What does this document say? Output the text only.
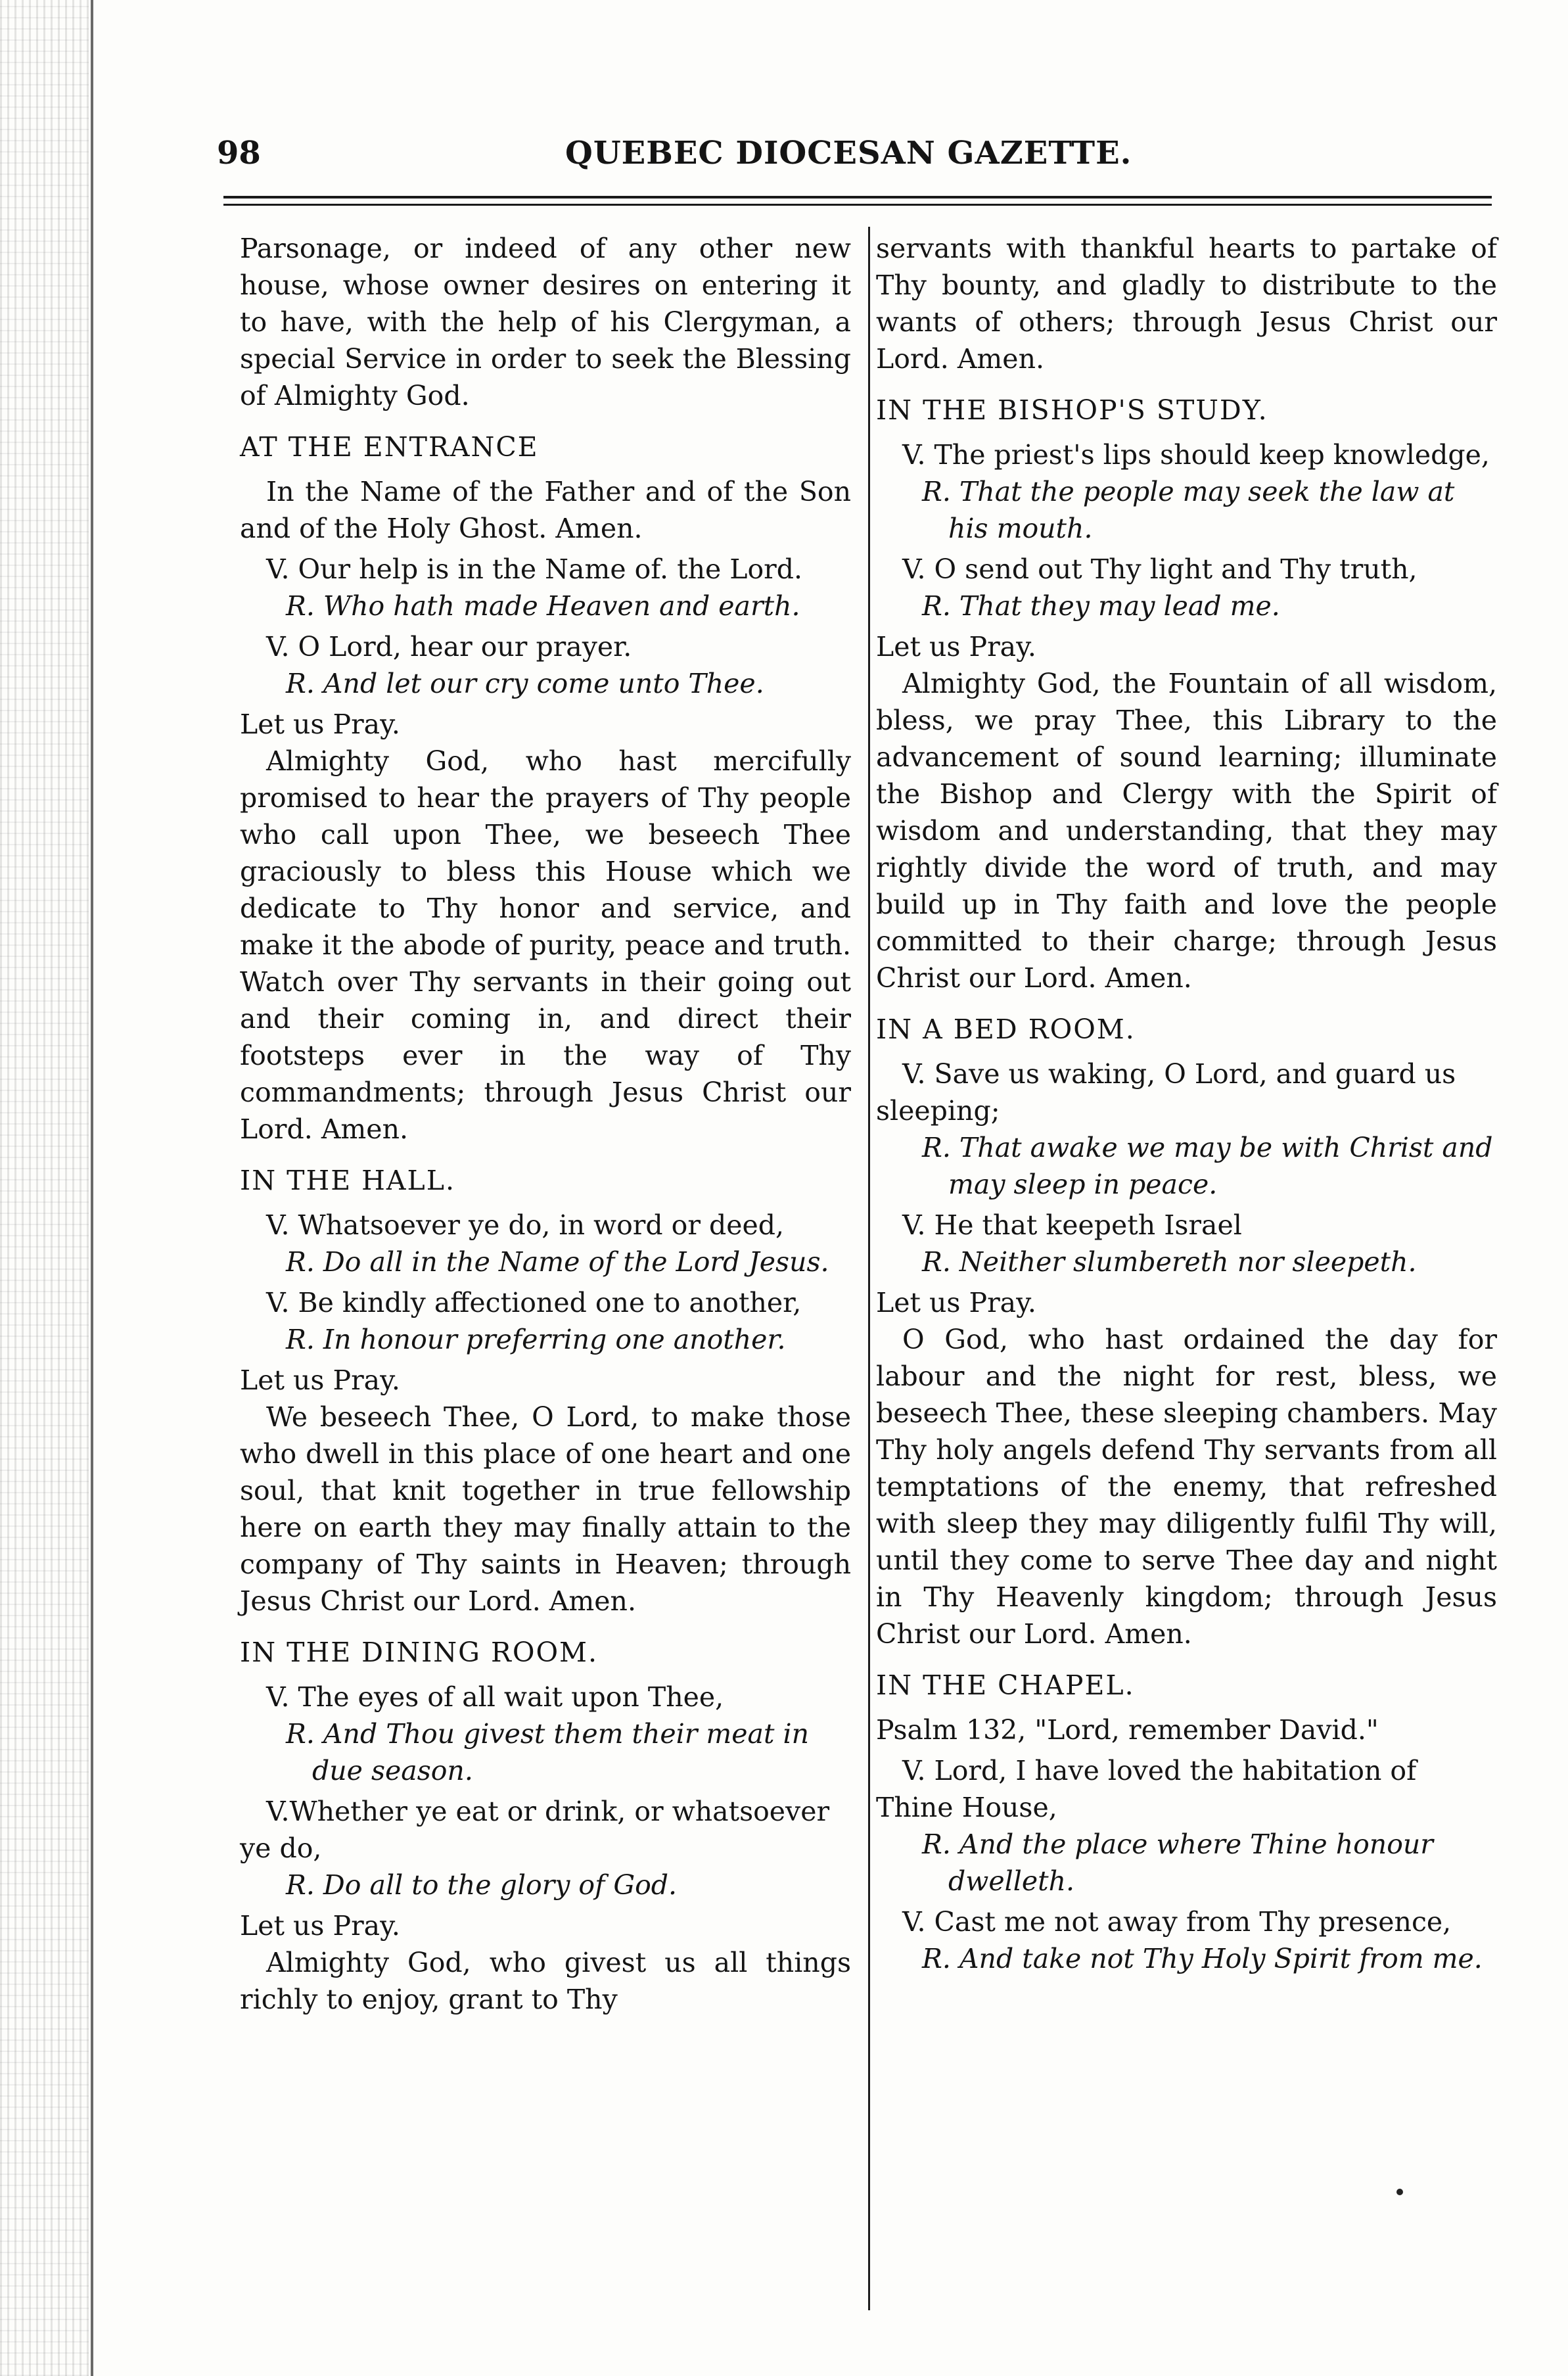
98	QUEBEC DIOCESAN GAZETTE.

Parsonage, or indeed of any other new house, whose owner desires on entering it to have, with the help of his Clergyman, a special Service in order to seek the Blessing of Almighty God.

AT THE ENTRANCE

In the Name of the Father and of the Son and of the Holy Ghost. Amen.

V. Our help is in the Name of. the Lord.

R. Who hath made Heaven and earth.

V. O Lord, hear our prayer.

R. And let our cry come unto Thee.

Let us Pray.

Almighty God, who hast mercifully promised to hear the prayers of Thy people who call upon Thee, we beseech Thee graciously to bless this House which we dedicate to Thy honor and service, and make it the abode of purity, peace and truth. Watch over Thy servants in their going out and their coming in, and direct their footsteps ever in the way of Thy commandments; through Jesus Christ our Lord. Amen.

IN THE HALL.

V. Whatsoever ye do, in word or deed,

R. Do all in the Name of the Lord Jesus.

V. Be kindly affectioned one to another,

R. In honour preferring one another.

Let us Pray.

We beseech Thee, O Lord, to make those who dwell in this place of one heart and one soul, that knit together in true fellowship here on earth they may finally attain to the company of Thy saints in Heaven; through Jesus Christ our Lord. Amen.

IN THE DINING ROOM.

V. The eyes of all wait upon Thee,

R. And Thou givest them their meat in due season.

V.Whether ye eat or drink, or whatsoever ye do,

R. Do all to the glory of God.

Let us Pray.

Almighty God, who givest us all things richly to enjoy, grant to Thy

servants with thankful hearts to partake of Thy bounty, and gladly to distribute to the wants of others; through Jesus Christ our Lord. Amen.

IN THE BISHOP'S STUDY.

V. The priest's lips should keep knowledge,

R. That the people may seek the law at his mouth.

V. O send out Thy light and Thy truth,

R. That they may lead me.

Let us Pray.

Almighty God, the Fountain of all wisdom, bless, we pray Thee, this Library to the advancement of sound learning; illuminate the Bishop and Clergy with the Spirit of wisdom and understanding, that they may rightly divide the word of truth, and may build up in Thy faith and love the people committed to their charge; through Jesus Christ our Lord. Amen.

IN A BED ROOM.

V. Save us waking, O Lord, and guard us sleeping;

R. That awake we may be with Christ and may sleep in peace.

V. He that keepeth Israel

R. Neither slumbereth nor sleepeth.

Let us Pray.

O God, who hast ordained the day for labour and the night for rest, bless, we beseech Thee, these sleeping chambers. May Thy holy angels defend Thy servants from all temptations of the enemy, that refreshed with sleep they may diligently fulfil Thy will, until they come to serve Thee day and night in Thy Heavenly kingdom; through Jesus Christ our Lord. Amen.

IN THE CHAPEL.

Psalm 132, "Lord, remember David."

V. Lord, I have loved the habitation of Thine House,

R. And the place where Thine honour dwelleth.

V. Cast me not away from Thy presence,

R. And take not Thy Holy Spirit from me.
